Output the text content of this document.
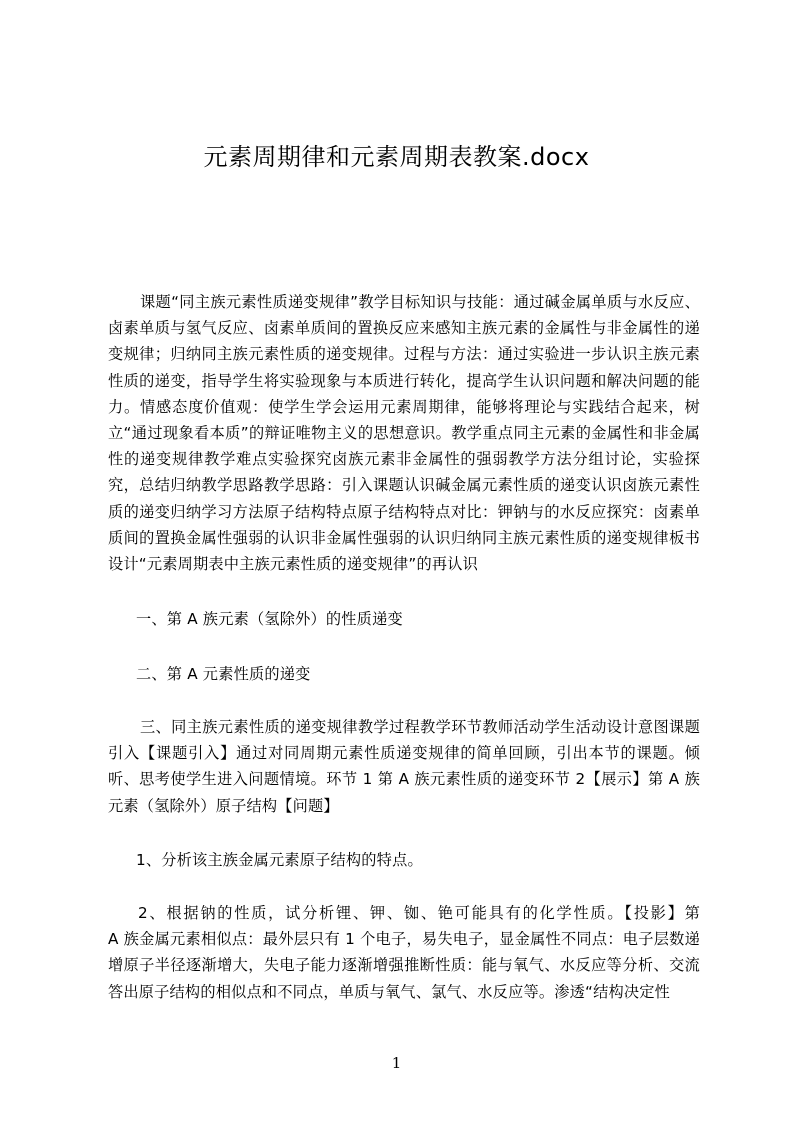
元素周期律和元素周期表教案.docx

课题“同主族元素性质递变规律”教学目标知识与技能：通过碱金属单质与水反应、卤素单质与氢气反应、卤素单质间的置换反应来感知主族元素的金属性与非金属性的递变规律；归纳同主族元素性质的递变规律。过程与方法：通过实验进一步认识主族元素性质的递变，指导学生将实验现象与本质进行转化，提高学生认识问题和解决问题的能力。情感态度价值观：使学生学会运用元素周期律，能够将理论与实践结合起来，树立“通过现象看本质”的辩证唯物主义的思想意识。教学重点同主元素的金属性和非金属性的递变规律教学难点实验探究卤族元素非金属性的强弱教学方法分组讨论，实验探究，总结归纳教学思路教学思路：引入课题认识碱金属元素性质的递变认识卤族元素性质的递变归纳学习方法原子结构特点原子结构特点对比：钾钠与的水反应探究：卤素单质间的置换金属性强弱的认识非金属性强弱的认识归纳同主族元素性质的递变规律板书设计“元素周期表中主族元素性质的递变规律”的再认识

一、第 A 族元素（氢除外）的性质递变

二、第 A 元素性质的递变

三、同主族元素性质的递变规律教学过程教学环节教师活动学生活动设计意图课题引入【课题引入】通过对同周期元素性质递变规律的简单回顾，引出本节的课题。倾听、思考使学生进入问题情境。环节 1 第 A 族元素性质的递变环节 2【展示】第 A 族元素（氢除外）原子结构【问题】

1、分析该主族金属元素原子结构的特点。

2、根据钠的性质，试分析锂、钾、铷、铯可能具有的化学性质。【投影】第　　　A 族金属元素相似点：最外层只有 1 个电子，易失电子，显金属性不同点：电子层数递增原子半径逐渐增大，失电子能力逐渐增强推断性质：能与氧气、水反应等分析、交流答出原子结构的相似点和不同点，单质与氧气、氯气、水反应等。渗透“结构决定性

1
